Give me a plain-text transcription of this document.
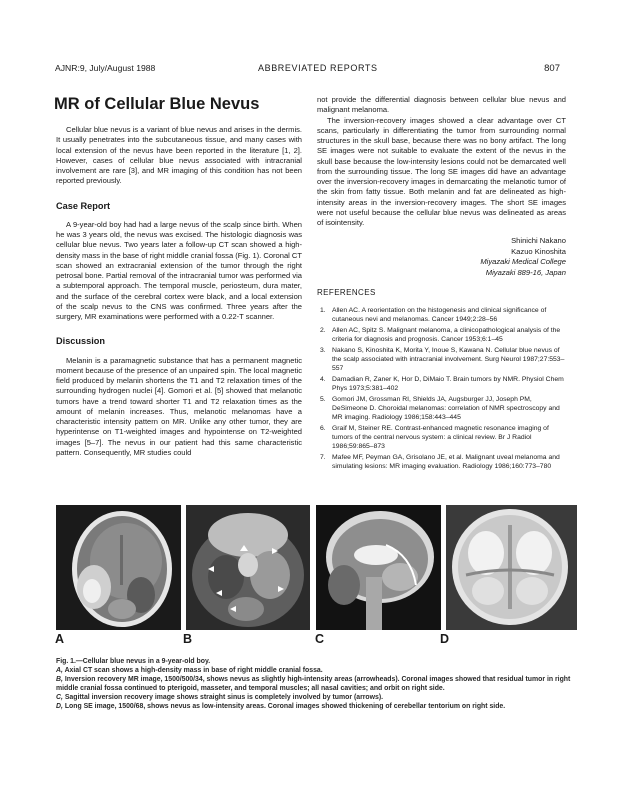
AJNR:9, July/August 1988	ABBREVIATED REPORTS	807
MR of Cellular Blue Nevus

Cellular blue nevus is a variant of blue nevus and arises in the dermis. It usually penetrates into the subcutaneous tissue, and many cases with local extension of the nevus have been reported in the literature [1, 2]. However, cases of cellular blue nevus associated with intracranial involvement are rare [3], and MR imaging of this condition has not been reported previously.

Case Report

A 9-year-old boy had had a large nevus of the scalp since birth. When he was 3 years old, the nevus was excised. The histologic diagnosis was cellular blue nevus. Two years later a follow-up CT scan showed a high-density mass in the base of right middle cranial fossa (Fig. 1). Coronal CT scan showed an extracranial extension of the tumor through the right petrosal bone. Partial removal of the intracranial tumor was performed via a subtemporal approach. The temporal muscle, periosteum, dura mater, and the surface of the cerebral cortex were black, and a local extension of the scalp nevus to the CNS was confirmed. Three years after the surgery, MR examinations were performed with a 0.22-T scanner.

Discussion

Melanin is a paramagnetic substance that has a permanent magnetic moment because of the presence of an unpaired spin. The local magnetic field produced by melanin shortens the T1 and T2 relaxation times of the surrounding hydrogen nuclei [4]. Gomori et al. [5] showed that melanotic tumors have a trend toward shorter T1 and T2 relaxation times as the amount of melanin increases. Thus, melanotic melanomas have a characteristic intensity pattern on MR. Unlike any other tumor, they are hyperintense on T1-weighted images and hypointense on T2-weighted images [5–7]. The nevus in our patient had this same characteristic pattern. Consequently, MR studies could

not provide the differential diagnosis between cellular blue nevus and malignant melanoma.

The inversion-recovery images showed a clear advantage over CT scans, particularly in differentiating the tumor from surrounding normal structures in the skull base, because there was no bony artifact. The long SE images were not suitable to evaluate the extent of the nevus in the skull base because the low-intensity lesions could not be demarcated well from the surrounding tissue. The long SE images did have an advantage over the inversion-recovery images in demarcating the melanotic tumor of the skin from fatty tissue. Both melanin and fat are delineated as high-intensity areas in the inversion-recovery images. The short SE images were not useful because the cellular blue nevus was delineated as areas of isointensity.

Shinichi Nakano
Kazuo Kinoshita
Miyazaki Medical College
Miyazaki 889-16, Japan
REFERENCES
1. Allen AC. A reorientation on the histogenesis and clinical significance of cutaneous nevi and melanomas. Cancer 1949;2:28–56
2. Allen AC, Spitz S. Malignant melanoma, a clinicopathological analysis of the criteria for diagnosis and prognosis. Cancer 1953;6:1–45
3. Nakano S, Kinoshita K, Morita Y, Inoue S, Kawana N. Cellular blue nevus of the scalp associated with intracranial involvement. Surg Neurol 1987;27:553–557
4. Damadian R, Zaner K, Hor D, DiMaio T. Brain tumors by NMR. Physiol Chem Phys 1973;5:381–402
5. Gomori JM, Grossman RI, Shields JA, Augsburger JJ, Joseph PM, DeSimeone D. Choroidal melanomas: correlation of NMR spectroscopy and MR imaging. Radiology 1986;158:443–445
6. Graif M, Steiner RE. Contrast-enhanced magnetic resonance imaging of tumors of the central nervous system: a clinical review. Br J Radiol 1986;59:865–873
7. Mafee MF, Peyman GA, Grisolano JE, et al. Malignant uveal melanoma and simulating lesions: MR imaging evaluation. Radiology 1986;160:773–780
A	B	C	D
Fig. 1.—Cellular blue nevus in a 9-year-old boy.
A, Axial CT scan shows a high-density mass in base of right middle cranial fossa.
B, Inversion recovery MR image, 1500/500/34, shows nevus as slightly high-intensity areas (arrowheads). Coronal images showed that residual tumor in right middle cranial fossa continued to pterigoid, masseter, and temporal muscles; all nasal cavities; and orbit on right side.
C, Sagittal inversion recovery image shows straight sinus is completely involved by tumor (arrows).
D, Long SE image, 1500/68, shows nevus as low-intensity areas. Coronal images showed thickening of cerebellar tentorium on right side.
